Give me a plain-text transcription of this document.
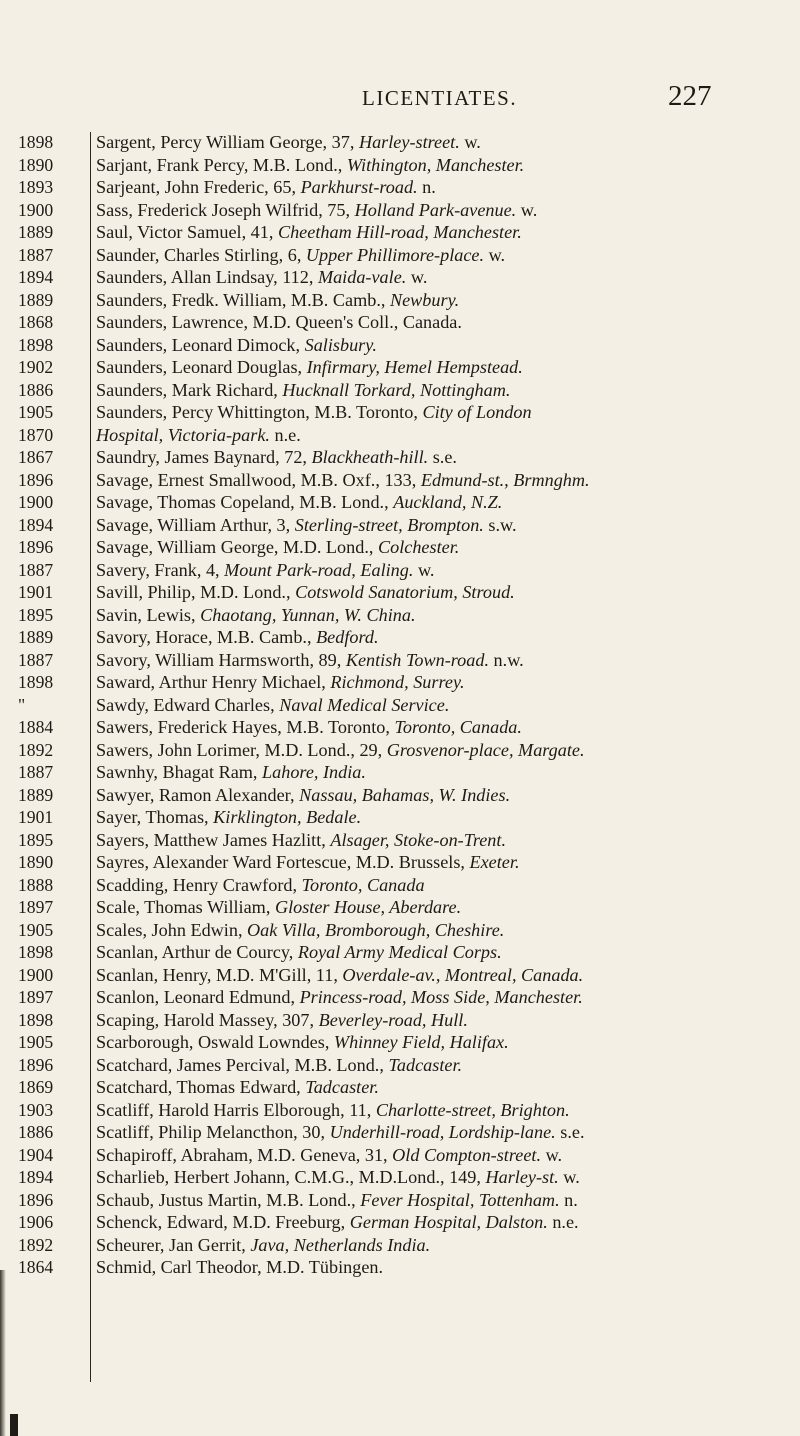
LICENTIATES.	227
1898
1890
1893
1900
1889
1887
1894
1889
1868
1898
1902
1886
1905
1870
1867
1896
1900
1894
1896
1887
1901
1895
1889
1887
1898
"
1884
1892
1887
1889
1901
1895
1890
1888
1897
1905
1898
1900
1897
1898
1905
1896
1869
1903
1886
1904
1894
1896
1906
1892
1864
Sargent, Percy William George, 37, Harley-street. w.
Sarjant, Frank Percy, M.B. Lond., Withington, Manchester.
Sarjeant, John Frederic, 65, Parkhurst-road. n.
Sass, Frederick Joseph Wilfrid, 75, Holland Park-avenue. w.
Saul, Victor Samuel, 41, Cheetham Hill-road, Manchester.
Saunder, Charles Stirling, 6, Upper Phillimore-place. w.
Saunders, Allan Lindsay, 112, Maida-vale. w.
Saunders, Fredk. William, M.B. Camb., Newbury.
Saunders, Lawrence, M.D. Queen's Coll., Canada.
Saunders, Leonard Dimock, Salisbury.
Saunders, Leonard Douglas, Infirmary, Hemel Hempstead.
Saunders, Mark Richard, Hucknall Torkard, Nottingham.
Saunders, Percy Whittington, M.B. Toronto, City of London
Hospital, Victoria-park. n.e.
Saundry, James Baynard, 72, Blackheath-hill. s.e.
Savage, Ernest Smallwood, M.B. Oxf., 133, Edmund-st., Brmnghm.
Savage, Thomas Copeland, M.B. Lond., Auckland, N.Z.
Savage, William Arthur, 3, Sterling-street, Brompton. s.w.
Savage, William George, M.D. Lond., Colchester.
Savery, Frank, 4, Mount Park-road, Ealing. w.
Savill, Philip, M.D. Lond., Cotswold Sanatorium, Stroud.
Savin, Lewis, Chaotang, Yunnan, W. China.
Savory, Horace, M.B. Camb., Bedford.
Savory, William Harmsworth, 89, Kentish Town-road. n.w.
Saward, Arthur Henry Michael, Richmond, Surrey.
Sawdy, Edward Charles, Naval Medical Service.
Sawers, Frederick Hayes, M.B. Toronto, Toronto, Canada.
Sawers, John Lorimer, M.D. Lond., 29, Grosvenor-place, Margate.
Sawnhy, Bhagat Ram, Lahore, India.
Sawyer, Ramon Alexander, Nassau, Bahamas, W. Indies.
Sayer, Thomas, Kirklington, Bedale.
Sayers, Matthew James Hazlitt, Alsager, Stoke-on-Trent.
Sayres, Alexander Ward Fortescue, M.D. Brussels, Exeter.
Scadding, Henry Crawford, Toronto, Canada
Scale, Thomas William, Gloster House, Aberdare.
Scales, John Edwin, Oak Villa, Bromborough, Cheshire.
Scanlan, Arthur de Courcy, Royal Army Medical Corps.
Scanlan, Henry, M.D. M'Gill, 11, Overdale-av., Montreal, Canada.
Scanlon, Leonard Edmund, Princess-road, Moss Side, Manchester.
Scaping, Harold Massey, 307, Beverley-road, Hull.
Scarborough, Oswald Lowndes, Whinney Field, Halifax.
Scatchard, James Percival, M.B. Lond., Tadcaster.
Scatchard, Thomas Edward, Tadcaster.
Scatliff, Harold Harris Elborough, 11, Charlotte-street, Brighton.
Scatliff, Philip Melancthon, 30, Underhill-road, Lordship-lane. s.e.
Schapiroff, Abraham, M.D. Geneva, 31, Old Compton-street. w.
Scharlieb, Herbert Johann, C.M.G., M.D.Lond., 149, Harley-st. w.
Schaub, Justus Martin, M.B. Lond., Fever Hospital, Tottenham. n.
Schenck, Edward, M.D. Freeburg, German Hospital, Dalston. n.e.
Scheurer, Jan Gerrit, Java, Netherlands India.
Schmid, Carl Theodor, M.D. Tübingen.
